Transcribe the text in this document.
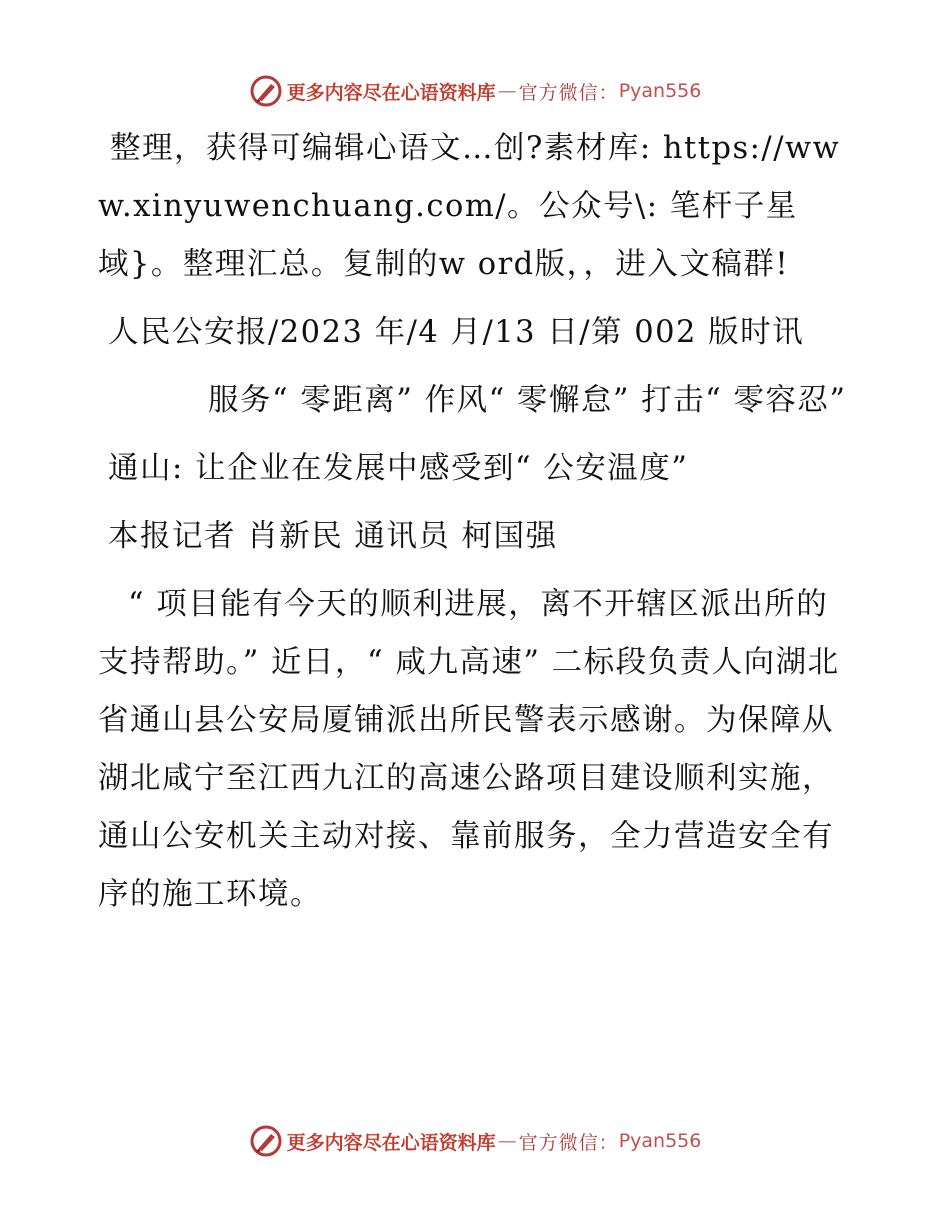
更多内容尽在心语资料库 — 官方微信： Pyan556

整理，获得可编辑心语文…创?素材库: https://www.xinyuwenchuang.com/。公众号\: 笔杆子星域}。整理汇总。复制的w ord版，，进入文稿群!

人民公安报/2023 年/4 月/13 日/第 002 版时讯

服务“ 零距离” 作风“ 零懈怠” 打击“ 零容忍”

通山: 让企业在发展中感受到“ 公安温度”

本报记者 肖新民 通讯员 柯国强

“ 项目能有今天的顺利进展，离不开辖区派出所的支持帮助。” 近日，“ 咸九高速” 二标段负责人向湖北省通山县公安局厦铺派出所民警表示感谢。为保障从湖北咸宁至江西九江的高速公路项目建设顺利实施，通山公安机关主动对接、靠前服务，全力营造安全有序的施工环境。

更多内容尽在心语资料库 — 官方微信： Pyan556
